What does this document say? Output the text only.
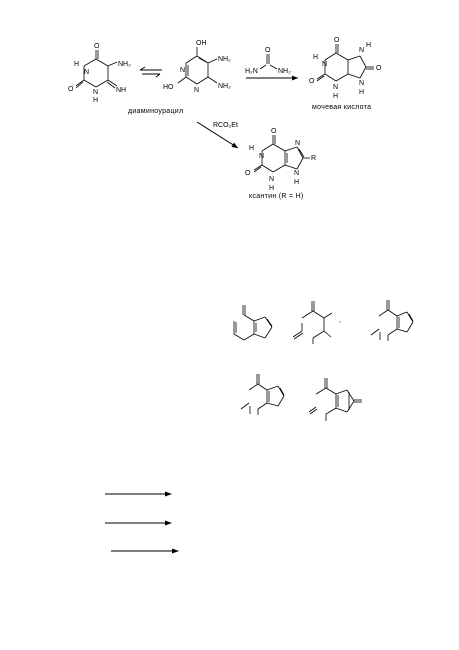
O
H
N
O	N
H
NH₂
NH
OH
N
N
HO
NH₂
NH₂
диаминоурацил
O
H₂N	NH₂
O
H
N
N
H
O
O
N
H
N
H
мочевая кислота
RCO₂Et
O
H
N
N
R
O
N
H
N
H
ксантин (R = H)
,
